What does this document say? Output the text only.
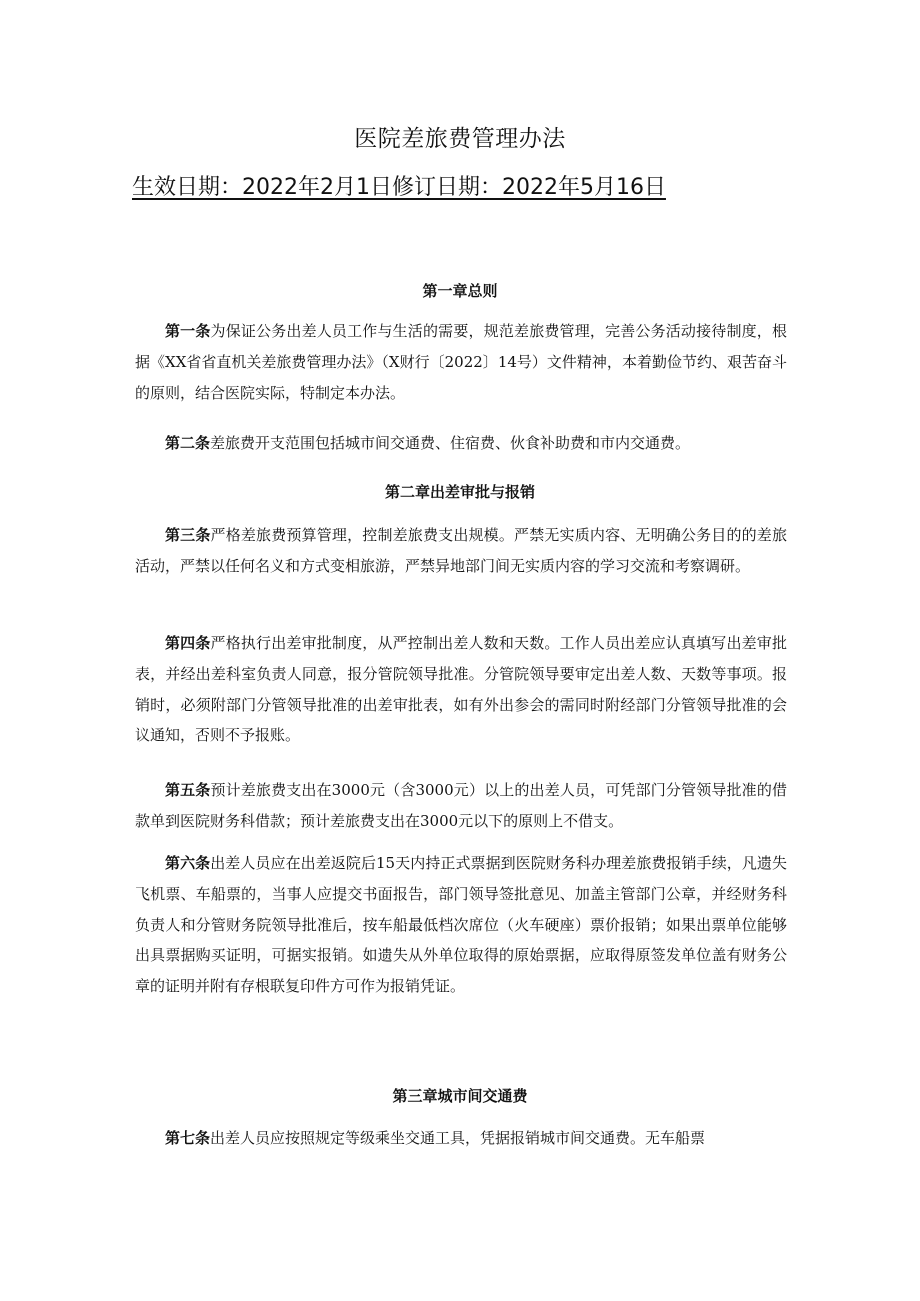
医院差旅费管理办法
生效日期：2022年2月1日修订日期：2022年5月16日
第一章总则

第一条为保证公务出差人员工作与生活的需要，规范差旅费管理，完善公务活动接待制度，根据《XX省省直机关差旅费管理办法》（X财行〔2022〕14号）文件精神，本着勤俭节约、艰苦奋斗的原则，结合医院实际，特制定本办法。

第二条差旅费开支范围包括城市间交通费、住宿费、伙食补助费和市内交通费。

第二章出差审批与报销

第三条严格差旅费预算管理，控制差旅费支出规模。严禁无实质内容、无明确公务目的的差旅活动，严禁以任何名义和方式变相旅游，严禁异地部门间无实质内容的学习交流和考察调研。

第四条严格执行出差审批制度，从严控制出差人数和天数。工作人员出差应认真填写出差审批表，并经出差科室负责人同意，报分管院领导批准。分管院领导要审定出差人数、天数等事项。报销时，必须附部门分管领导批准的出差审批表，如有外出参会的需同时附经部门分管领导批准的会议通知，否则不予报账。

第五条预计差旅费支出在3000元（含3000元）以上的出差人员，可凭部门分管领导批准的借款单到医院财务科借款；预计差旅费支出在3000元以下的原则上不借支。

第六条出差人员应在出差返院后15天内持正式票据到医院财务科办理差旅费报销手续，凡遗失飞机票、车船票的，当事人应提交书面报告，部门领导签批意见、加盖主管部门公章，并经财务科负责人和分管财务院领导批准后，按车船最低档次席位（火车硬座）票价报销；如果出票单位能够出具票据购买证明，可据实报销。如遗失从外单位取得的原始票据，应取得原签发单位盖有财务公章的证明并附有存根联复印件方可作为报销凭证。

第三章城市间交通费

第七条出差人员应按照规定等级乘坐交通工具，凭据报销城市间交通费。无车船票
